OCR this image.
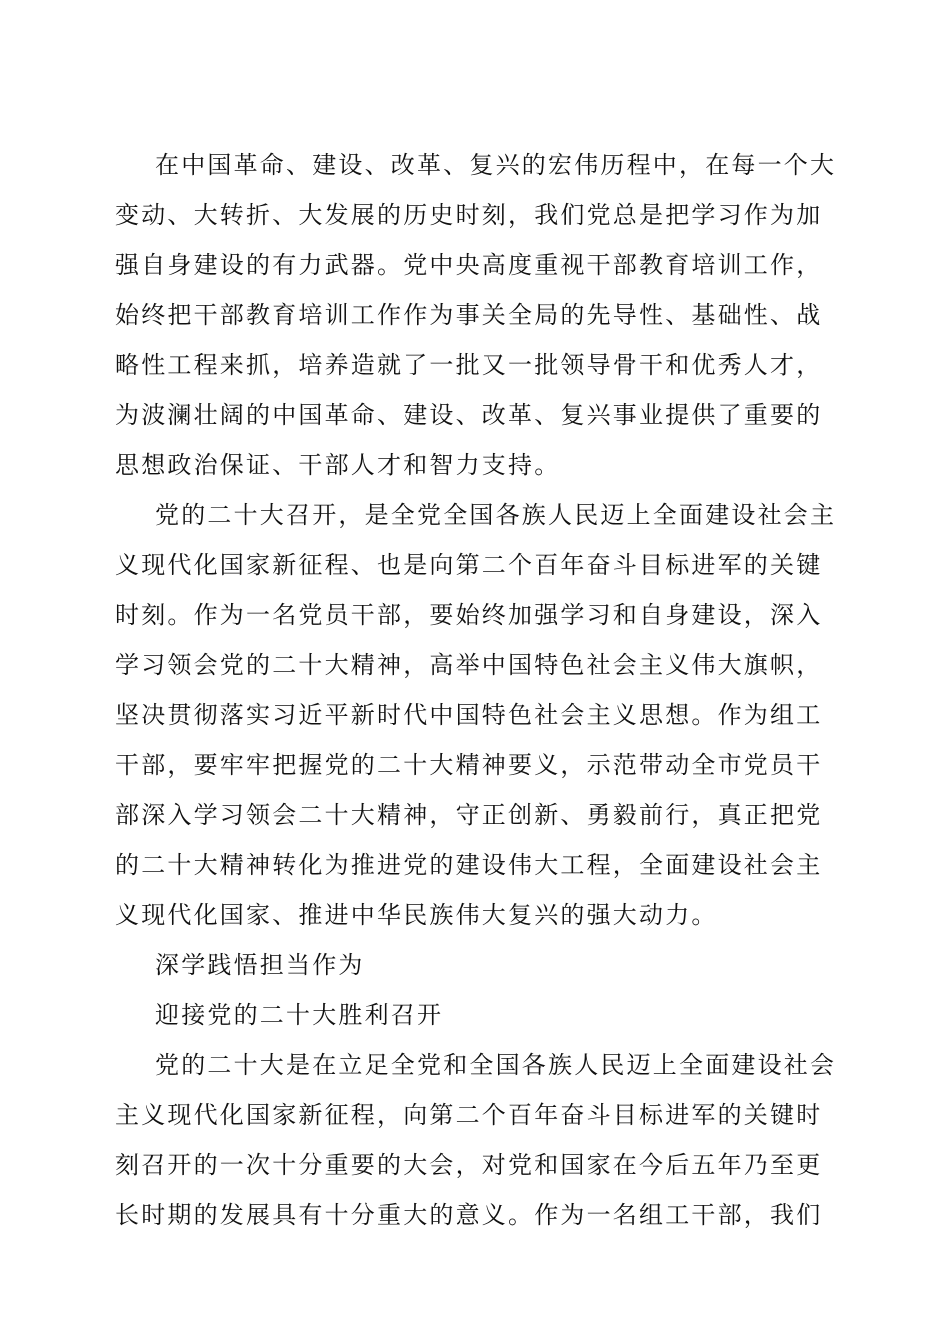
在中国革命、建设、改革、复兴的宏伟历程中，在每一个大
变动、大转折、大发展的历史时刻，我们党总是把学习作为加
强自身建设的有力武器。党中央高度重视干部教育培训工作，
始终把干部教育培训工作作为事关全局的先导性、基础性、战
略性工程来抓，培养造就了一批又一批领导骨干和优秀人才，
为波澜壮阔的中国革命、建设、改革、复兴事业提供了重要的
思想政治保证、干部人才和智力支持。
党的二十大召开，是全党全国各族人民迈上全面建设社会主
义现代化国家新征程、也是向第二个百年奋斗目标进军的关键
时刻。作为一名党员干部，要始终加强学习和自身建设，深入
学习领会党的二十大精神，高举中国特色社会主义伟大旗帜，
坚决贯彻落实习近平新时代中国特色社会主义思想。作为组工
干部，要牢牢把握党的二十大精神要义，示范带动全市党员干
部深入学习领会二十大精神，守正创新、勇毅前行，真正把党
的二十大精神转化为推进党的建设伟大工程，全面建设社会主
义现代化国家、推进中华民族伟大复兴的强大动力。
深学践悟担当作为
迎接党的二十大胜利召开
党的二十大是在立足全党和全国各族人民迈上全面建设社会
主义现代化国家新征程，向第二个百年奋斗目标进军的关键时
刻召开的一次十分重要的大会，对党和国家在今后五年乃至更
长时期的发展具有十分重大的意义。作为一名组工干部，我们
